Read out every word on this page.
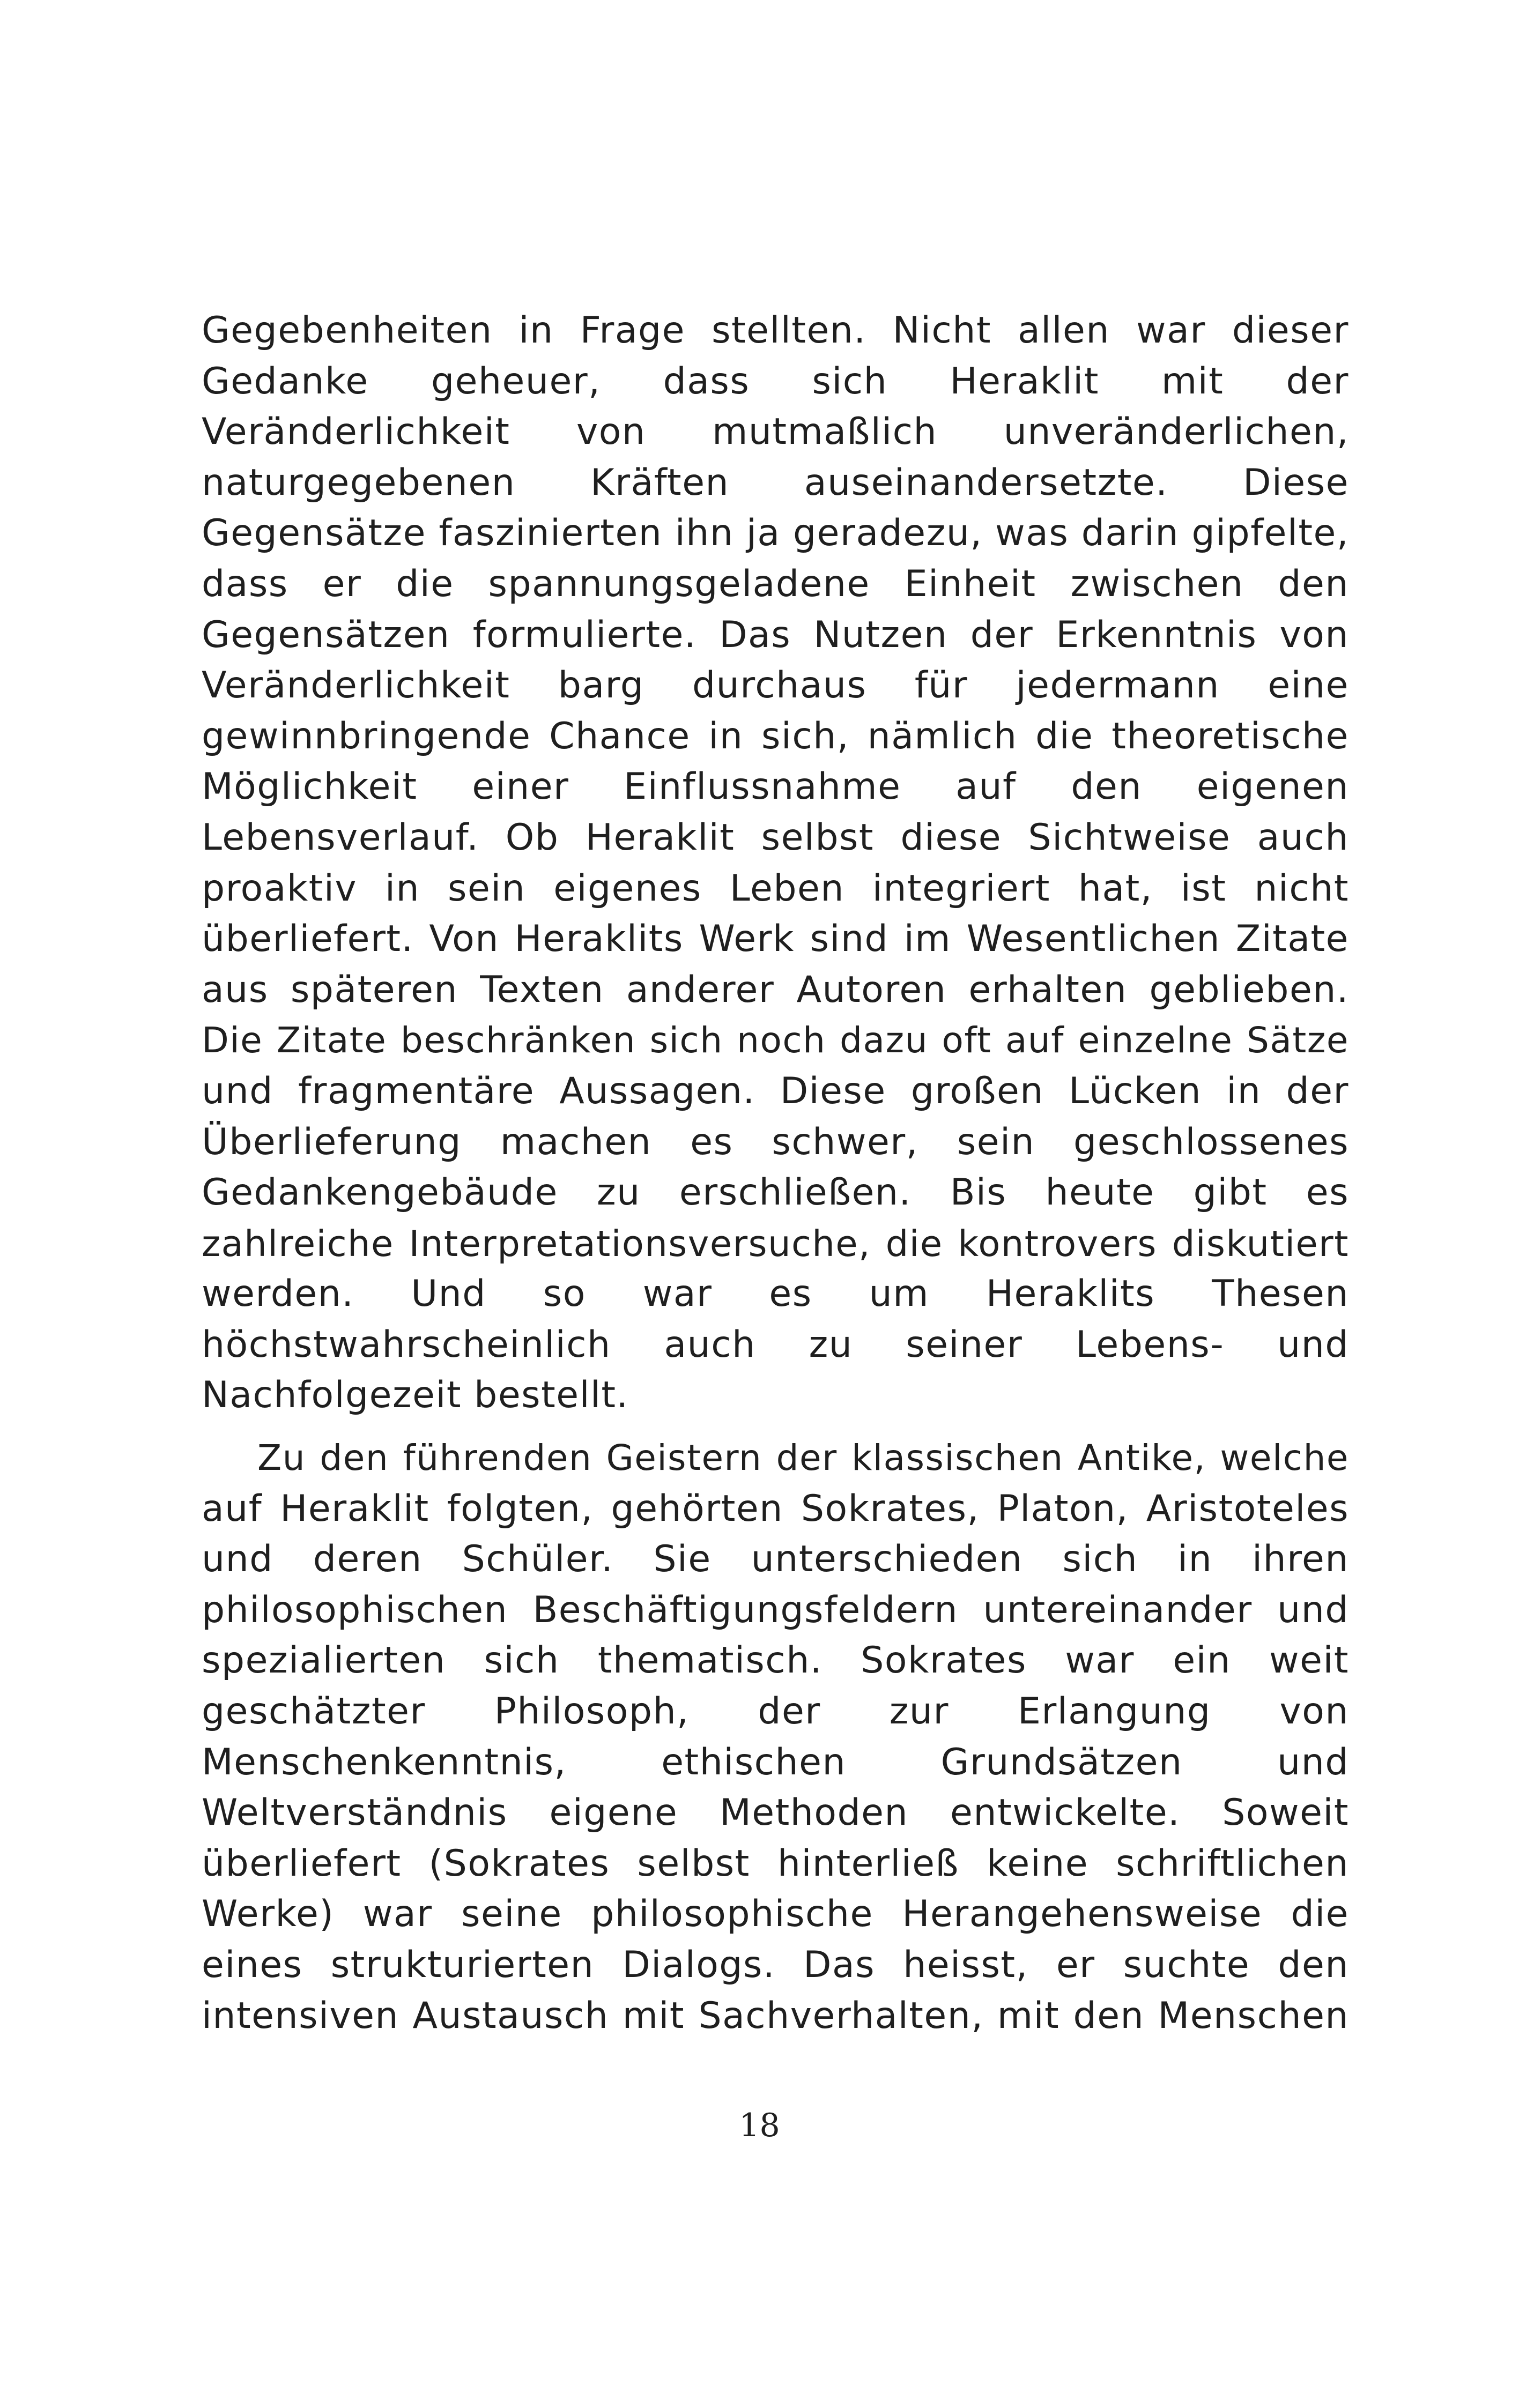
Gegebenheiten in Frage stellten. Nicht allen war dieser
Gedanke geheuer, dass sich Heraklit mit der
Veränderlichkeit von mutmaßlich unveränderlichen,
naturgegebenen Kräften auseinandersetzte. Diese
Gegensätze faszinierten ihn ja geradezu, was darin gipfelte,
dass er die spannungsgeladene Einheit zwischen den
Gegensätzen formulierte. Das Nutzen der Erkenntnis von
Veränderlichkeit barg durchaus für jedermann eine
gewinnbringende Chance in sich, nämlich die theoretische
Möglichkeit einer Einflussnahme auf den eigenen
Lebensverlauf. Ob Heraklit selbst diese Sichtweise auch
proaktiv in sein eigenes Leben integriert hat, ist nicht
überliefert. Von Heraklits Werk sind im Wesentlichen Zitate
aus späteren Texten anderer Autoren erhalten geblieben.
Die Zitate beschränken sich noch dazu oft auf einzelne Sätze
und fragmentäre Aussagen. Diese großen Lücken in der
Überlieferung machen es schwer, sein geschlossenes
Gedankengebäude zu erschließen. Bis heute gibt es
zahlreiche Interpretationsversuche, die kontrovers diskutiert
werden. Und so war es um Heraklits Thesen
höchstwahrscheinlich auch zu seiner Lebens- und
Nachfolgezeit bestellt.
Zu den führenden Geistern der klassischen Antike, welche
auf Heraklit folgten, gehörten Sokrates, Platon, Aristoteles
und deren Schüler. Sie unterschieden sich in ihren
philosophischen Beschäftigungsfeldern untereinander und
spezialierten sich thematisch. Sokrates war ein weit
geschätzter Philosoph, der zur Erlangung von
Menschenkenntnis, ethischen Grundsätzen und
Weltverständnis eigene Methoden entwickelte. Soweit
überliefert (Sokrates selbst hinterließ keine schriftlichen
Werke) war seine philosophische Herangehensweise die
eines strukturierten Dialogs. Das heisst, er suchte den
intensiven Austausch mit Sachverhalten, mit den Menschen
18
